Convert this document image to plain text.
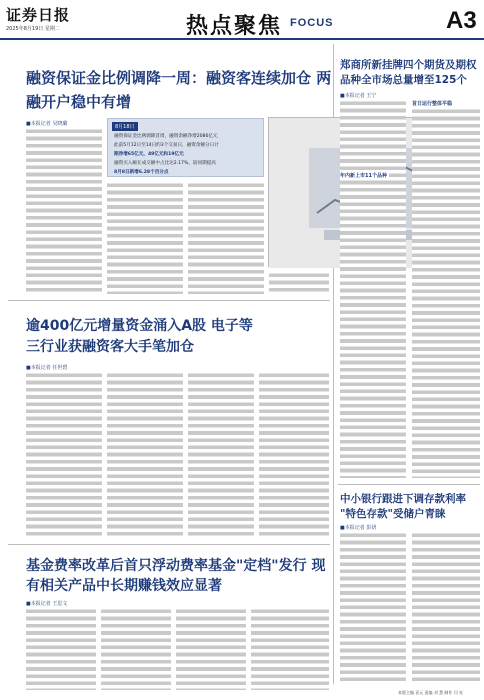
证券日报
2025年8月19日 星期二	热点聚焦 FOCUS	A3
融资保证金比例调降一周：融资客连续加仓 两融开户稳中有增
■本报记者 吴晓璐	8月18日
融资保证金比例调降首周，融资余额净增2086亿元
此前5月12日至14日约3个交易日，融资余额分日计
期净增65亿元，49亿元和19亿元
融资买入额在成交额中占比达2.17%，较同期提高
8月8日新增6.28个百分点
逾400亿元增量资金涌入A股 电子等三行业获融资客大手笔加仓
■本报记者 任世碧
基金费率改革后首只浮动费率基金"定档"发行 现有相关产品中长期赚钱效应显著
■本报记者 王思文
郑商所新挂牌四个期货及期权品种全市场总量增至125个
■本报记者 王宁
首日运行整体平稳
年内新上市11个品种
中小银行跟进下调存款利率 "特色存款"受储户青睐
■本报记者 彭妍
本版主编 袁元 责编 刘 慧 制作 闫 亮
